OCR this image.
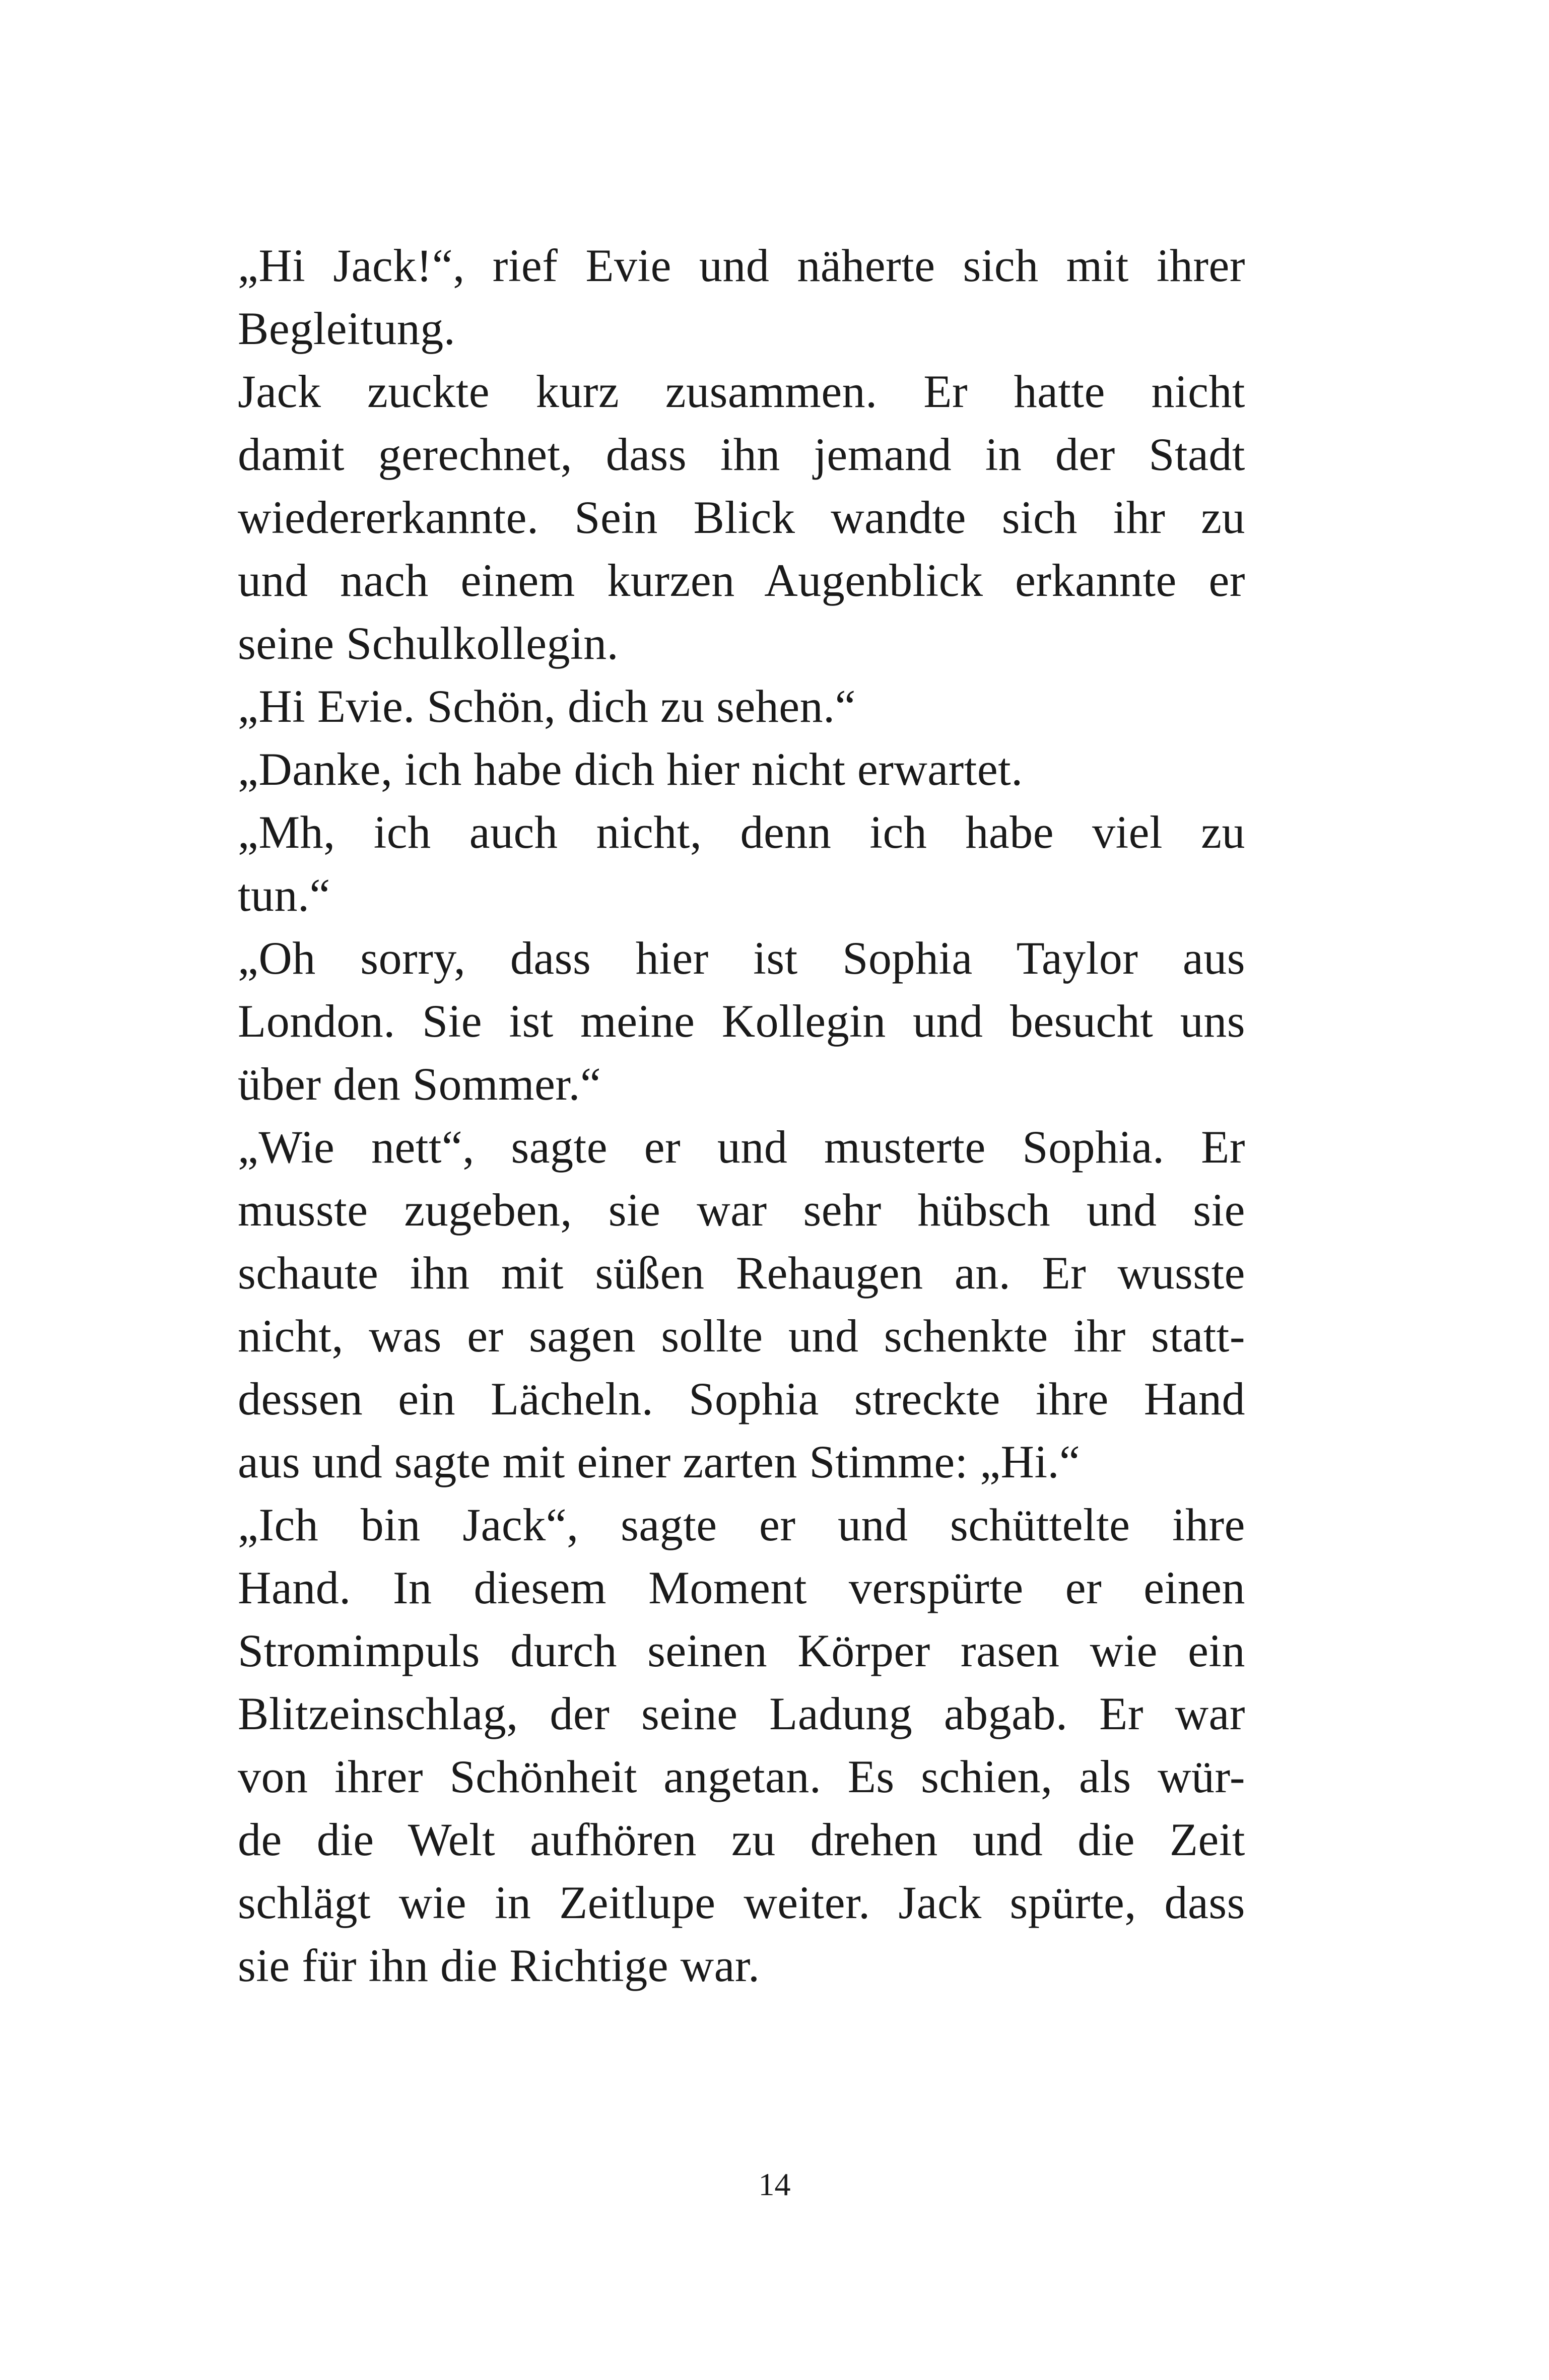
„Hi Jack!“, rief Evie und näherte sich mit ihrer
Begleitung.
Jack zuckte kurz zusammen. Er hatte nicht
damit gerechnet, dass ihn jemand in der Stadt
wiedererkannte. Sein Blick wandte sich ihr zu
und nach einem kurzen Augenblick erkannte er
seine Schulkollegin.
„Hi Evie. Schön, dich zu sehen.“
„Danke, ich habe dich hier nicht erwartet.
„Mh, ich auch nicht, denn ich habe viel zu
tun.“
„Oh sorry, dass hier ist Sophia Taylor aus
London. Sie ist meine Kollegin und besucht uns
über den Sommer.“
„Wie nett“, sagte er und musterte Sophia. Er
musste zugeben, sie war sehr hübsch und sie
schaute ihn mit süßen Rehaugen an. Er wusste
nicht, was er sagen sollte und schenkte ihr statt-
dessen ein Lächeln. Sophia streckte ihre Hand
aus und sagte mit einer zarten Stimme: „Hi.“
„Ich bin Jack“, sagte er und schüttelte ihre
Hand. In diesem Moment verspürte er einen
Stromimpuls durch seinen Körper rasen wie ein
Blitzeinschlag, der seine Ladung abgab. Er war
von ihrer Schönheit angetan. Es schien, als wür-
de die Welt aufhören zu drehen und die Zeit
schlägt wie in Zeitlupe weiter. Jack spürte, dass
sie für ihn die Richtige war.
14
